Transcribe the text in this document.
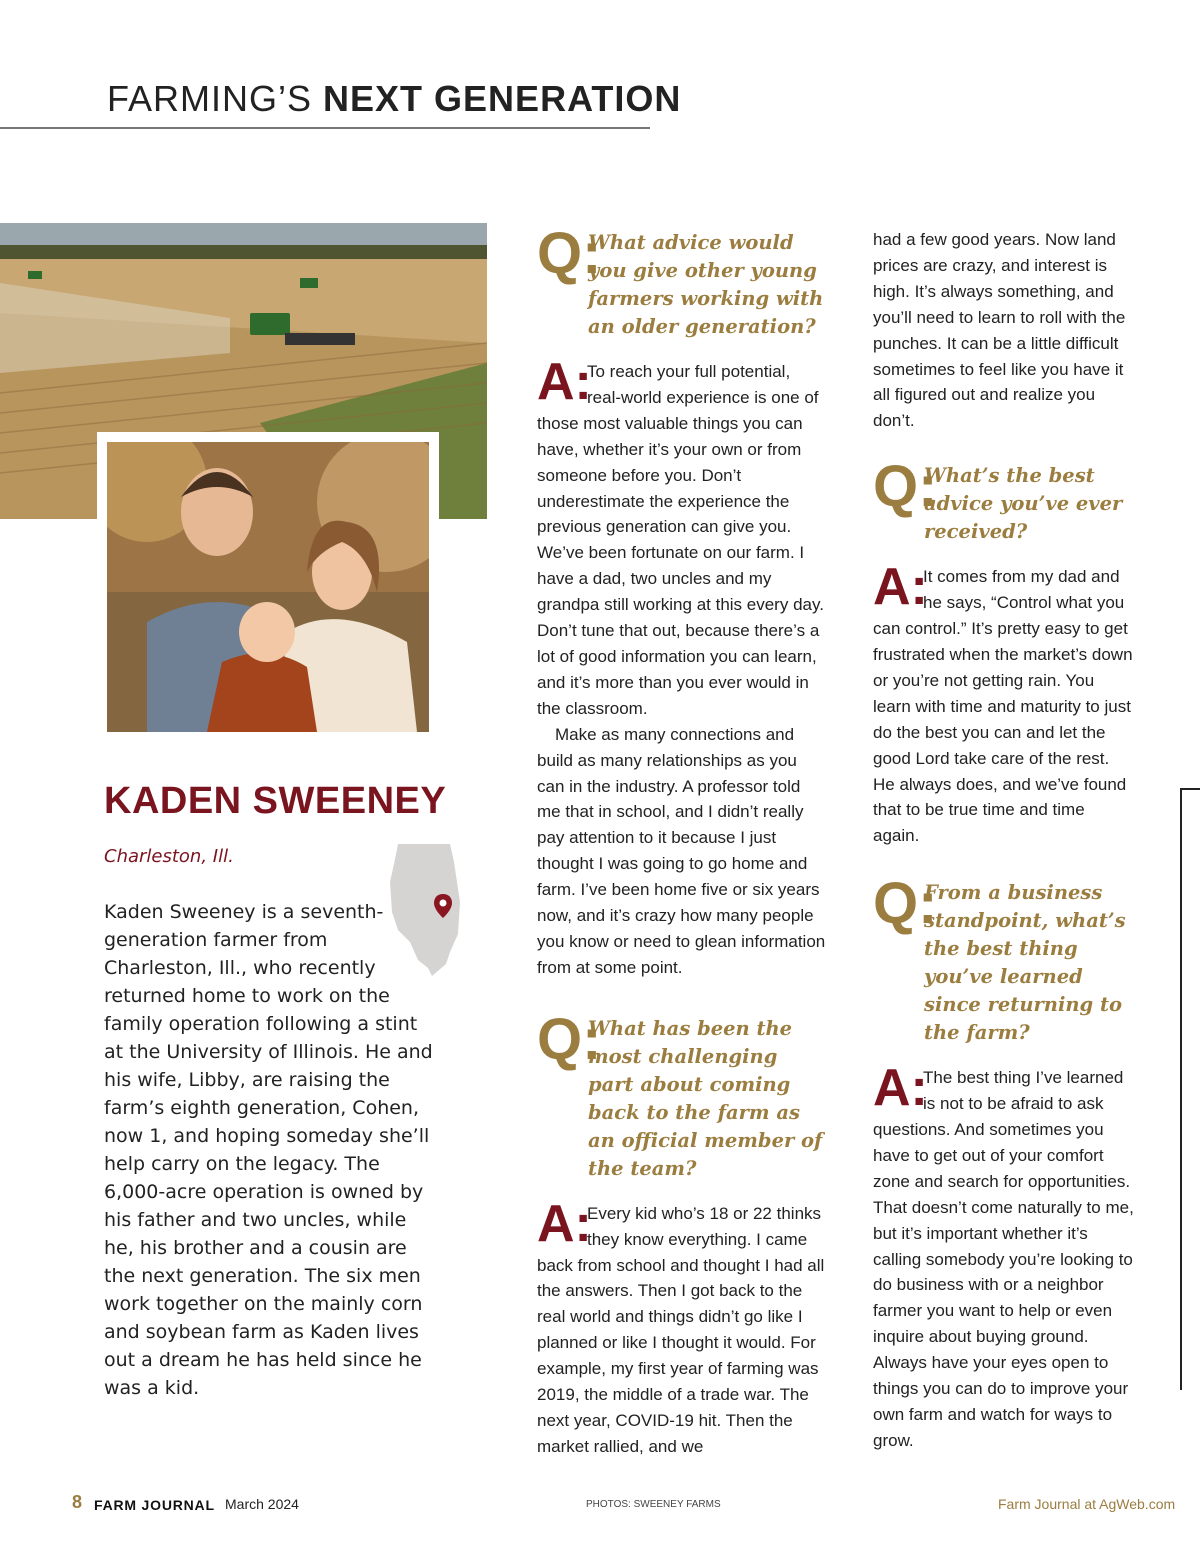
FARMING’S NEXT GENERATION
KADEN SWEENEY
Charleston, Ill.
Kaden Sweeney is a seventh-generation farmer from Charleston, Ill., who recently returned home to work on the family operation following a stint at the University of Illinois. He and his wife, Libby, are raising the farm’s eighth generation, Cohen, now 1, and hoping someday she’ll help carry on the legacy. The 6,000-acre operation is owned by his father and two uncles, while he, his brother and a cousin are the next generation. The six men work together on the mainly corn and soybean farm as Kaden lives out a dream he has held since he was a kid.
Q:
What advice would you give other young farmers working with an older generation?
A:

To reach your full potential, real-world experience is one of those most valuable things you can have, whether it’s your own or from someone before you. Don’t underestimate the experience the previous generation can give you. We’ve been fortunate on our farm. I have a dad, two uncles and my grandpa still working at this every day. Don’t tune that out, because there’s a lot of good information you can learn, and it’s more than you ever would in the classroom.

Make as many connections and build as many relationships as you can in the industry. A professor told me that in school, and I didn’t really pay attention to it because I just thought I was going to go home and farm. I’ve been home five or six years now, and it’s crazy how many people you know or need to glean information from at some point.

Q:
What has been the most challenging part about coming back to the farm as an official member of the team?
A:

Every kid who’s 18 or 22 thinks they know everything. I came back from school and thought I had all the answers. Then I got back to the real world and things didn’t go like I planned or like I thought it would. For example, my first year of farming was 2019, the middle of a trade war. The next year, COVID-19 hit. Then the market rallied, and we

had a few good years. Now land prices are crazy, and interest is high. It’s always something, and you’ll need to learn to roll with the punches. It can be a little difficult sometimes to feel like you have it all figured out and realize you don’t.

Q:
What’s the best advice you’ve ever received?
A:

It comes from my dad and he says, “Control what you can control.” It’s pretty easy to get frustrated when the market’s down or you’re not getting rain. You learn with time and maturity to just do the best you can and let the good Lord take care of the rest. He always does, and we’ve found that to be true time and time again.

Q:
From a business standpoint, what’s the best thing you’ve learned since returning to the farm?
A:

The best thing I’ve learned is not to be afraid to ask questions. And sometimes you have to get out of your comfort zone and search for opportunities. That doesn’t come naturally to me, but it’s important whether it’s calling somebody you’re looking to do business with or a neighbor farmer you want to help or even inquire about buying ground. Always have your eyes open to things you can do to improve your own farm and watch for ways to grow.

8 FARM JOURNAL March 2024	PHOTOS: SWEENEY FARMS	Farm Journal at AgWeb.com
